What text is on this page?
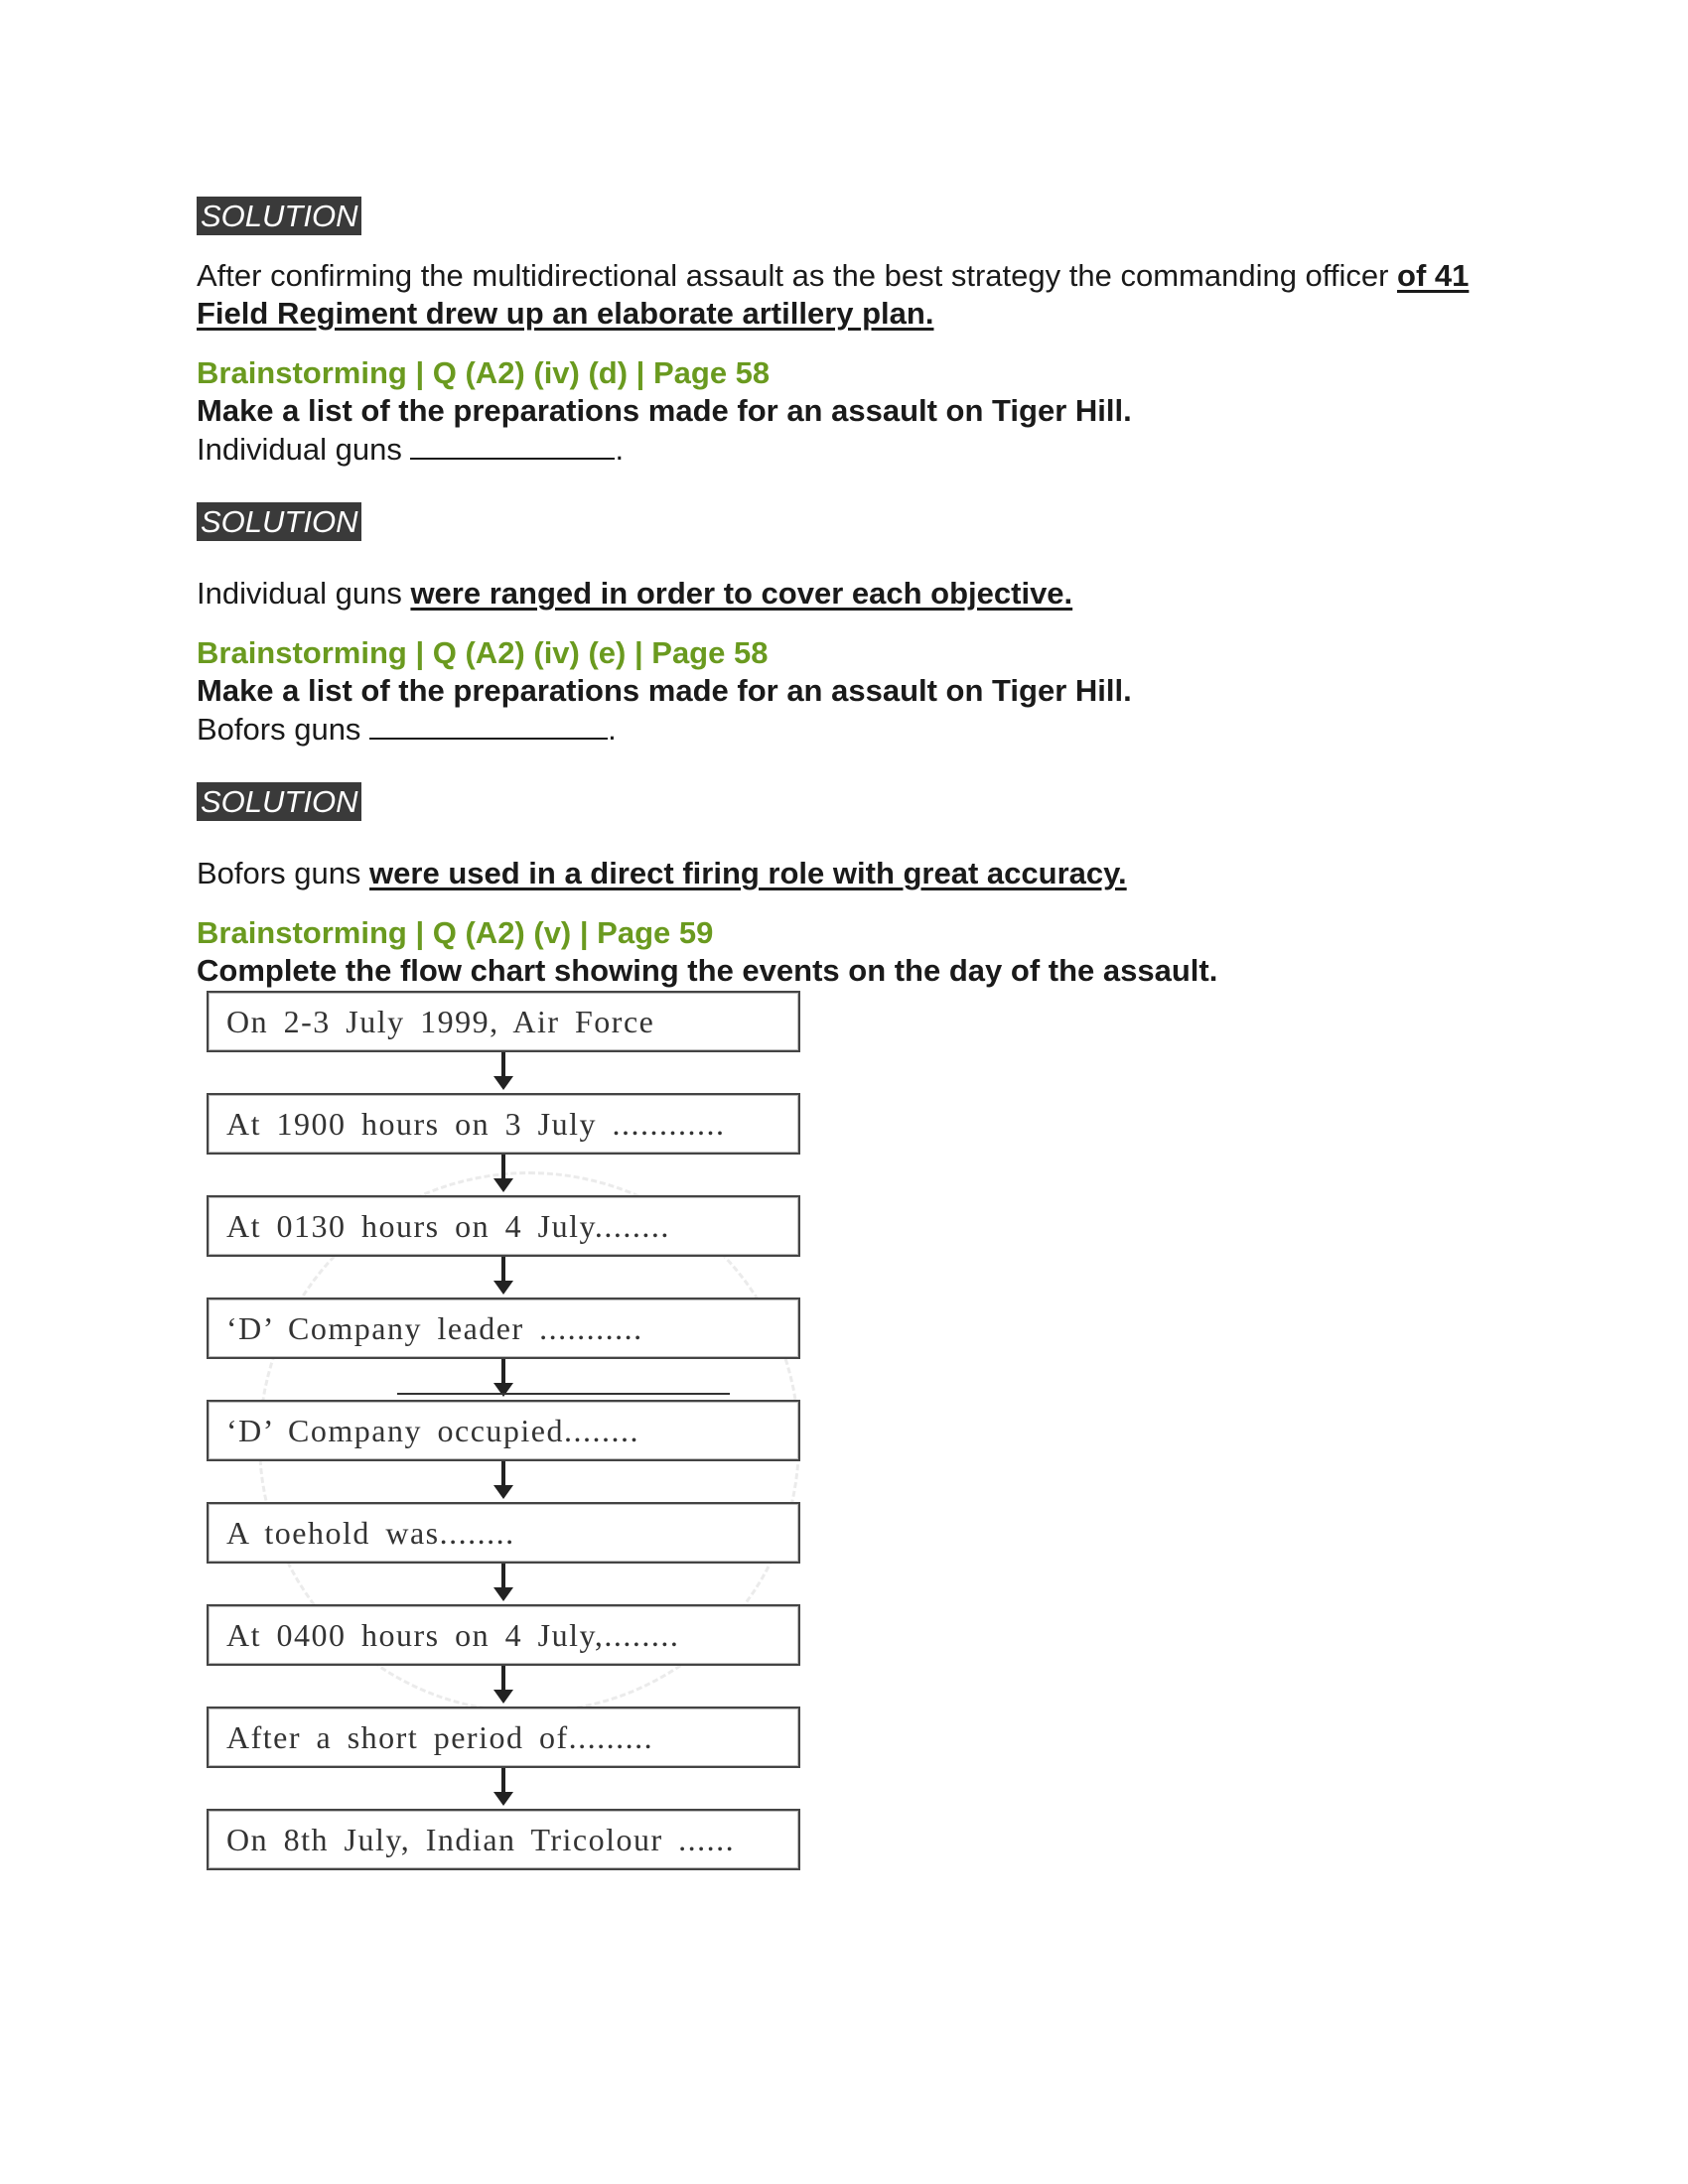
SOLUTION

After confirming the multidirectional assault as the best strategy the commanding officer of 41 Field Regiment drew up an elaborate artillery plan.

Brainstorming | Q (A2) (iv) (d) | Page 58

Make a list of the preparations made for an assault on Tiger Hill.

Individual guns	.

SOLUTION

Individual guns were ranged in order to cover each objective.

Brainstorming | Q (A2) (iv) (e) | Page 58

Make a list of the preparations made for an assault on Tiger Hill.

Bofors guns	.

SOLUTION

Bofors guns were used in a direct firing role with great accuracy.

Brainstorming | Q (A2) (v) | Page 59

Complete the flow chart showing the events on the day of the assault.

On 2-3 July 1999, Air Force
At 1900 hours on 3 July ............
At 0130 hours on 4 July........
‘D’ Company leader ...........
‘D’ Company occupied........
A toehold was........
At 0400 hours on 4 July,........
After a short period of.........
On 8th July, Indian Tricolour ......
